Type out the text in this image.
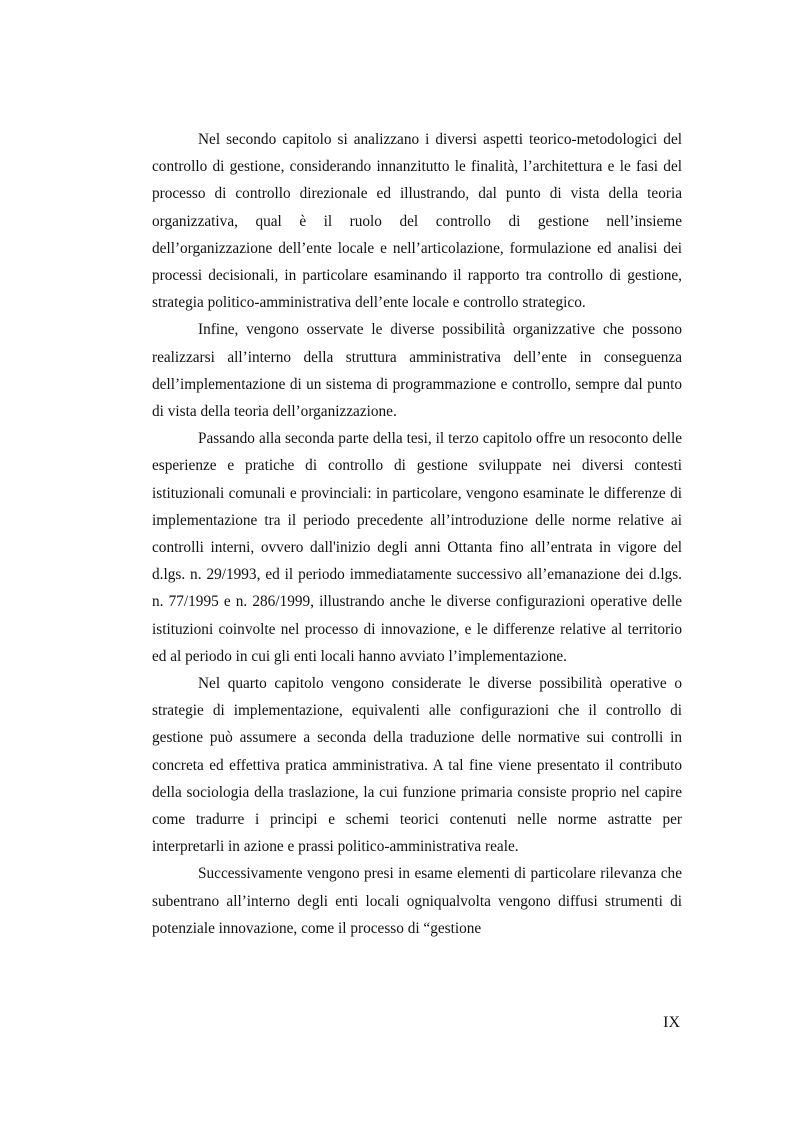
Nel secondo capitolo si analizzano i diversi aspetti teorico-metodologici del controllo di gestione, considerando innanzitutto le finalità, l’architettura e le fasi del processo di controllo direzionale ed illustrando, dal punto di vista della teoria organizzativa, qual è il ruolo del controllo di gestione nell’insieme dell’organizzazione dell’ente locale e nell’articolazione, formulazione ed analisi dei processi decisionali, in particolare esaminando il rapporto tra controllo di gestione, strategia politico-amministrativa dell’ente locale e controllo strategico.

Infine, vengono osservate le diverse possibilità organizzative che possono realizzarsi all’interno della struttura amministrativa dell’ente in conseguenza dell’implementazione di un sistema di programmazione e controllo, sempre dal punto di vista della teoria dell’organizzazione.

Passando alla seconda parte della tesi, il terzo capitolo offre un resoconto delle esperienze e pratiche di controllo di gestione sviluppate nei diversi contesti istituzionali comunali e provinciali: in particolare, vengono esaminate le differenze di implementazione tra il periodo precedente all’introduzione delle norme relative ai controlli interni, ovvero dall'inizio degli anni Ottanta fino all’entrata in vigore del d.lgs. n. 29/1993, ed il periodo immediatamente successivo all’emanazione dei d.lgs. n. 77/1995 e n. 286/1999, illustrando anche le diverse configurazioni operative delle istituzioni coinvolte nel processo di innovazione, e le differenze relative al territorio ed al periodo in cui gli enti locali hanno avviato l’implementazione.

Nel quarto capitolo vengono considerate le diverse possibilità operative o strategie di implementazione, equivalenti alle configurazioni che il controllo di gestione può assumere a seconda della traduzione delle normative sui controlli in concreta ed effettiva pratica amministrativa. A tal fine viene presentato il contributo della sociologia della traslazione, la cui funzione primaria consiste proprio nel capire come tradurre i principi e schemi teorici contenuti nelle norme astratte per interpretarli in azione e prassi politico-amministrativa reale.

Successivamente vengono presi in esame elementi di particolare rilevanza che subentrano all’interno degli enti locali ogniqualvolta vengono diffusi strumenti di potenziale innovazione, come il processo di “gestione

IX
